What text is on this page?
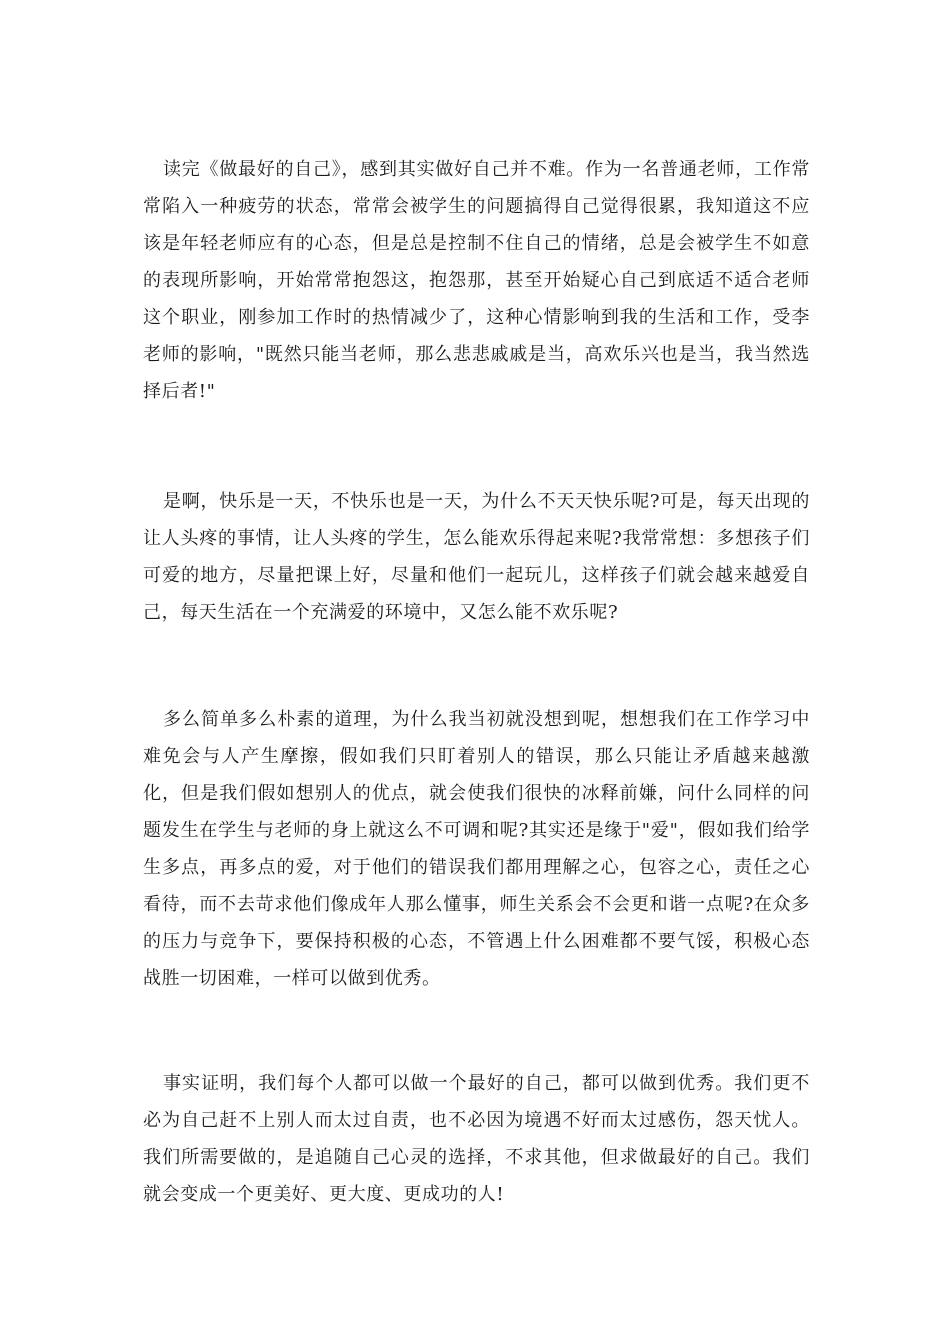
读完《做最好的自己》，感到其实做好自己并不难。作为一名普通老师，工作常常陷入一种疲劳的状态，常常会被学生的问题搞得自己觉得很累，我知道这不应该是年轻老师应有的心态，但是总是控制不住自己的情绪，总是会被学生不如意的表现所影响，开始常常抱怨这，抱怨那，甚至开始疑心自己到底适不适合老师这个职业，刚参加工作时的热情减少了，这种心情影响到我的生活和工作，受李老师的影响，"既然只能当老师，那么悲悲戚戚是当，高欢乐兴也是当，我当然选择后者!"

是啊，快乐是一天，不快乐也是一天，为什么不天天快乐呢?可是，每天出现的让人头疼的事情，让人头疼的学生，怎么能欢乐得起来呢?我常常想：多想孩子们可爱的地方，尽量把课上好，尽量和他们一起玩儿，这样孩子们就会越来越爱自己，每天生活在一个充满爱的环境中，又怎么能不欢乐呢?

多么简单多么朴素的道理，为什么我当初就没想到呢，想想我们在工作学习中难免会与人产生摩擦，假如我们只盯着别人的错误，那么只能让矛盾越来越激化，但是我们假如想别人的优点，就会使我们很快的冰释前嫌，问什么同样的问题发生在学生与老师的身上就这么不可调和呢?其实还是缘于"爱"，假如我们给学生多点，再多点的爱，对于他们的错误我们都用理解之心，包容之心，责任之心看待，而不去苛求他们像成年人那么懂事，师生关系会不会更和谐一点呢?在众多的压力与竞争下，要保持积极的心态，不管遇上什么困难都不要气馁，积极心态战胜一切困难，一样可以做到优秀。

事实证明，我们每个人都可以做一个最好的自己，都可以做到优秀。我们更不必为自己赶不上别人而太过自责，也不必因为境遇不好而太过感伤，怨天忧人。我们所需要做的，是追随自己心灵的选择，不求其他，但求做最好的自己。我们就会变成一个更美好、更大度、更成功的人!
